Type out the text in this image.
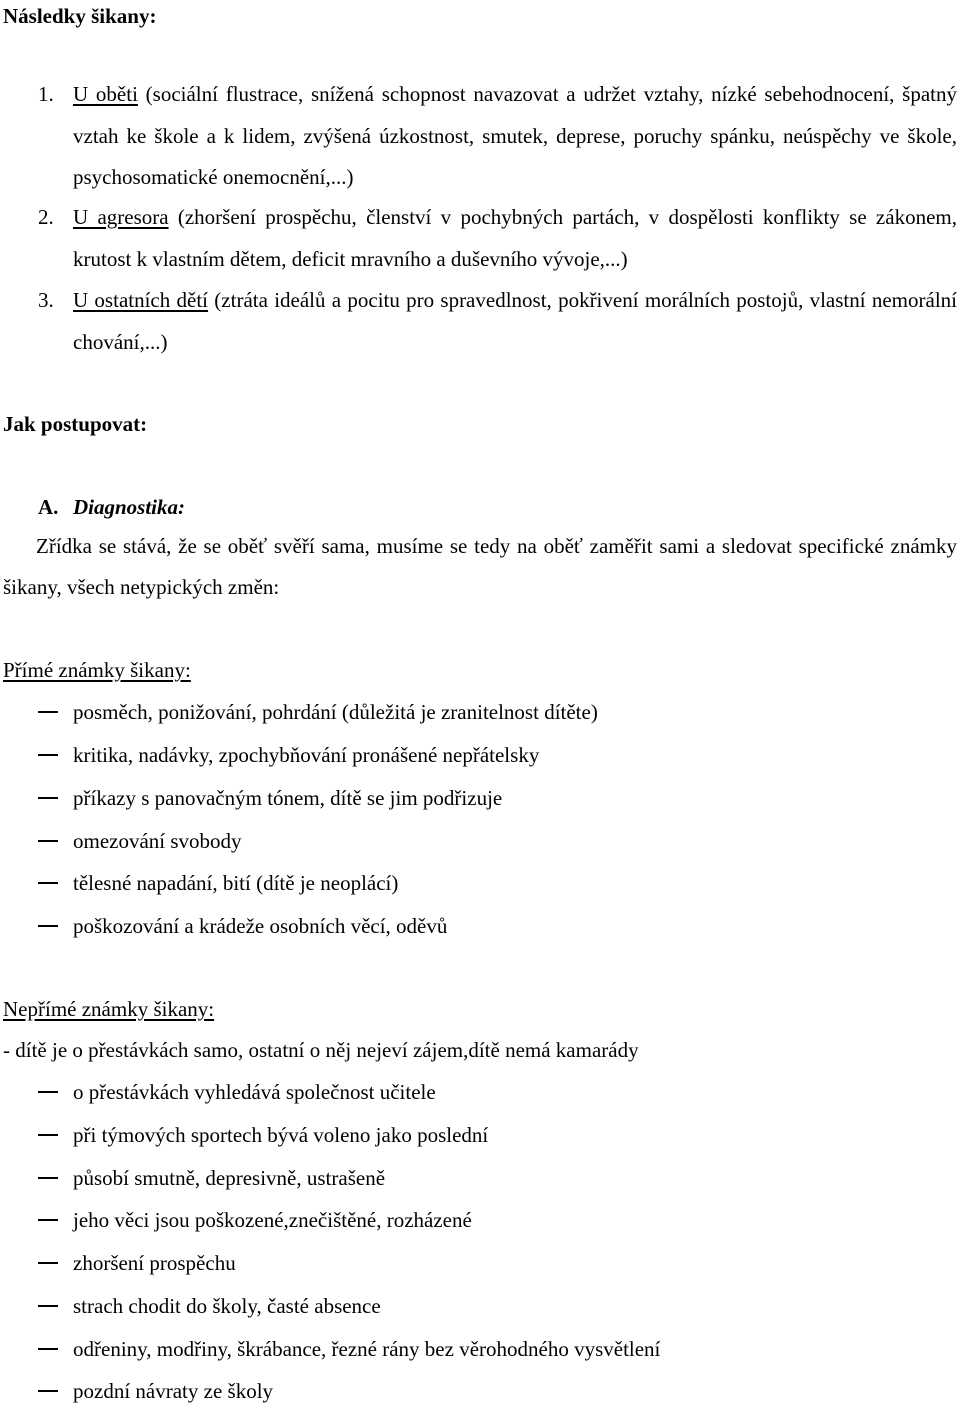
Následky šikany:
1. U oběti (sociální flustrace, snížená schopnost navazovat a udržet vztahy, nízké sebehodnocení, špatný vztah ke škole a k lidem, zvýšená úzkostnost, smutek, deprese, poruchy spánku, neúspěchy ve škole, psychosomatické onemocnění,...)
2. U agresora (zhoršení prospěchu, členství v pochybných partách, v dospělosti konflikty se zákonem, krutost k vlastním dětem, deficit mravního a duševního vývoje,...)
3. U ostatních dětí (ztráta ideálů a pocitu pro spravedlnost, pokřivení morálních postojů, vlastní nemorální chování,...)
Jak postupovat:
A. Diagnostika:
Zřídka se stává, že se oběť svěří sama, musíme se tedy na oběť zaměřit sami a sledovat specifické známky šikany, všech netypických změn:
Přímé známky šikany:
posměch, ponižování, pohrdání (důležitá je zranitelnost dítěte)
kritika, nadávky, zpochybňování pronášené nepřátelsky
příkazy s panovačným tónem, dítě se jim podřizuje
omezování svobody
tělesné napadání, bití (dítě je neoplácí)
poškozování a krádeže osobních věcí, oděvů
Nepřímé známky šikany:
- dítě je o přestávkách samo, ostatní o něj nejeví zájem,dítě nemá kamarády
o přestávkách vyhledává společnost učitele
při týmových sportech bývá voleno jako poslední
působí smutně, depresivně, ustrašeně
jeho věci jsou poškozené,znečištěné, rozházené
zhoršení prospěchu
strach chodit do školy, časté absence
odřeniny, modřiny, škrábance, řezné rány bez věrohodného vysvětlení
pozdní návraty ze školy
